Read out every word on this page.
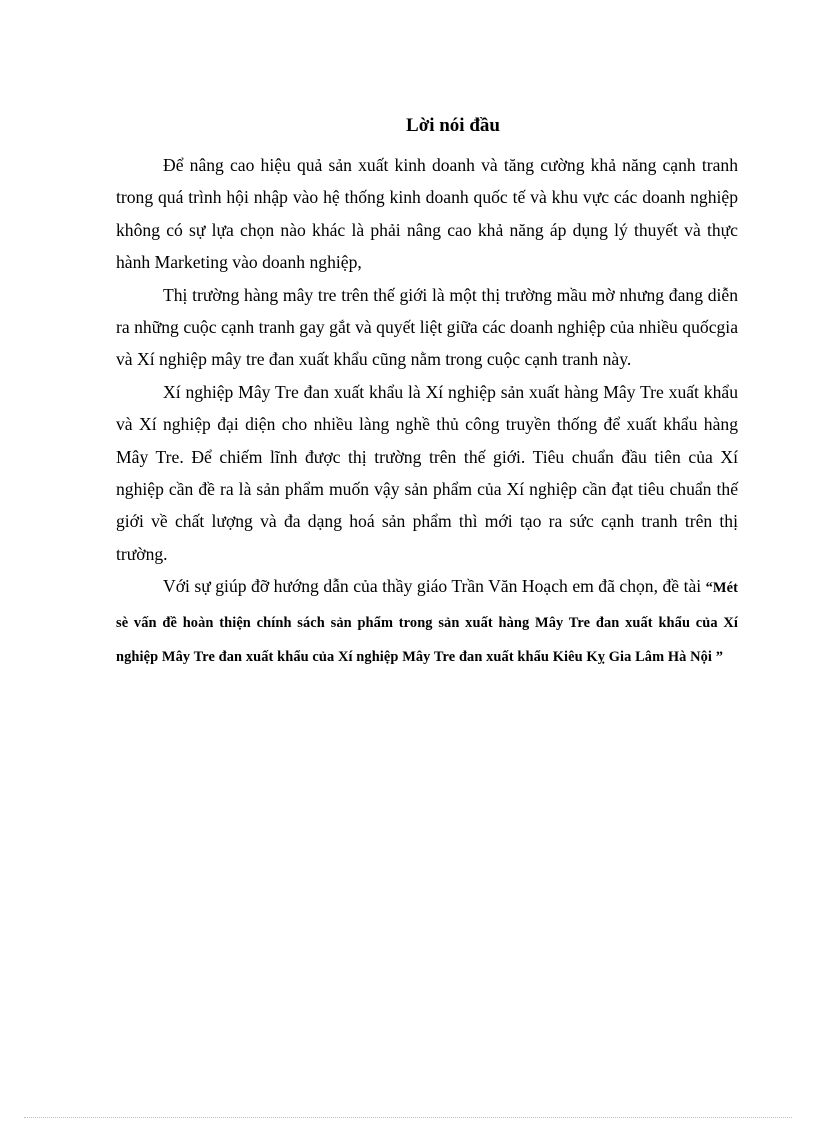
Lời nói đầu

Để nâng cao hiệu quả sản xuất kinh doanh và tăng cường khả năng cạnh tranh trong quá trình hội nhập vào hệ thống kinh doanh quốc tế và khu vực các doanh nghiệp không có sự lựa chọn nào khác là phải nâng cao khả năng áp dụng lý thuyết và thực hành Marketing vào doanh nghiệp,

Thị trường hàng mây tre trên thế giới là một thị trường mầu mờ nhưng đang diễn ra những cuộc cạnh tranh gay gắt và quyết liệt giữa các doanh nghiệp của nhiều quốcgia và Xí nghiệp mây tre đan xuất khẩu cũng nằm trong cuộc cạnh tranh này.

Xí nghiệp Mây Tre đan xuất khẩu là Xí nghiệp sản xuất hàng Mây Tre xuất khẩu và Xí nghiệp đại diện cho nhiều làng nghề thủ công truyền thống để xuất khẩu hàng Mây Tre. Để chiếm lĩnh được thị trường trên thế giới. Tiêu chuẩn đầu tiên của Xí nghiệp cần đề ra là sản phẩm muốn vậy sản phẩm của Xí nghiệp cần đạt tiêu chuẩn thế giới về chất lượng và đa dạng hoá sản phẩm thì mới tạo ra sức cạnh tranh trên thị trường.

Với sự giúp đỡ hướng dẫn của thầy giáo Trần Văn Hoạch em đã chọn, đề tài “Mét sè vấn đề hoàn thiện chính sách sản phẩm trong sản xuất hàng Mây Tre đan xuất khẩu của Xí nghiệp Mây Tre đan xuất khẩu của Xí nghiệp Mây Tre đan xuất khẩu Kiêu Kỵ Gia Lâm Hà Nội ”
